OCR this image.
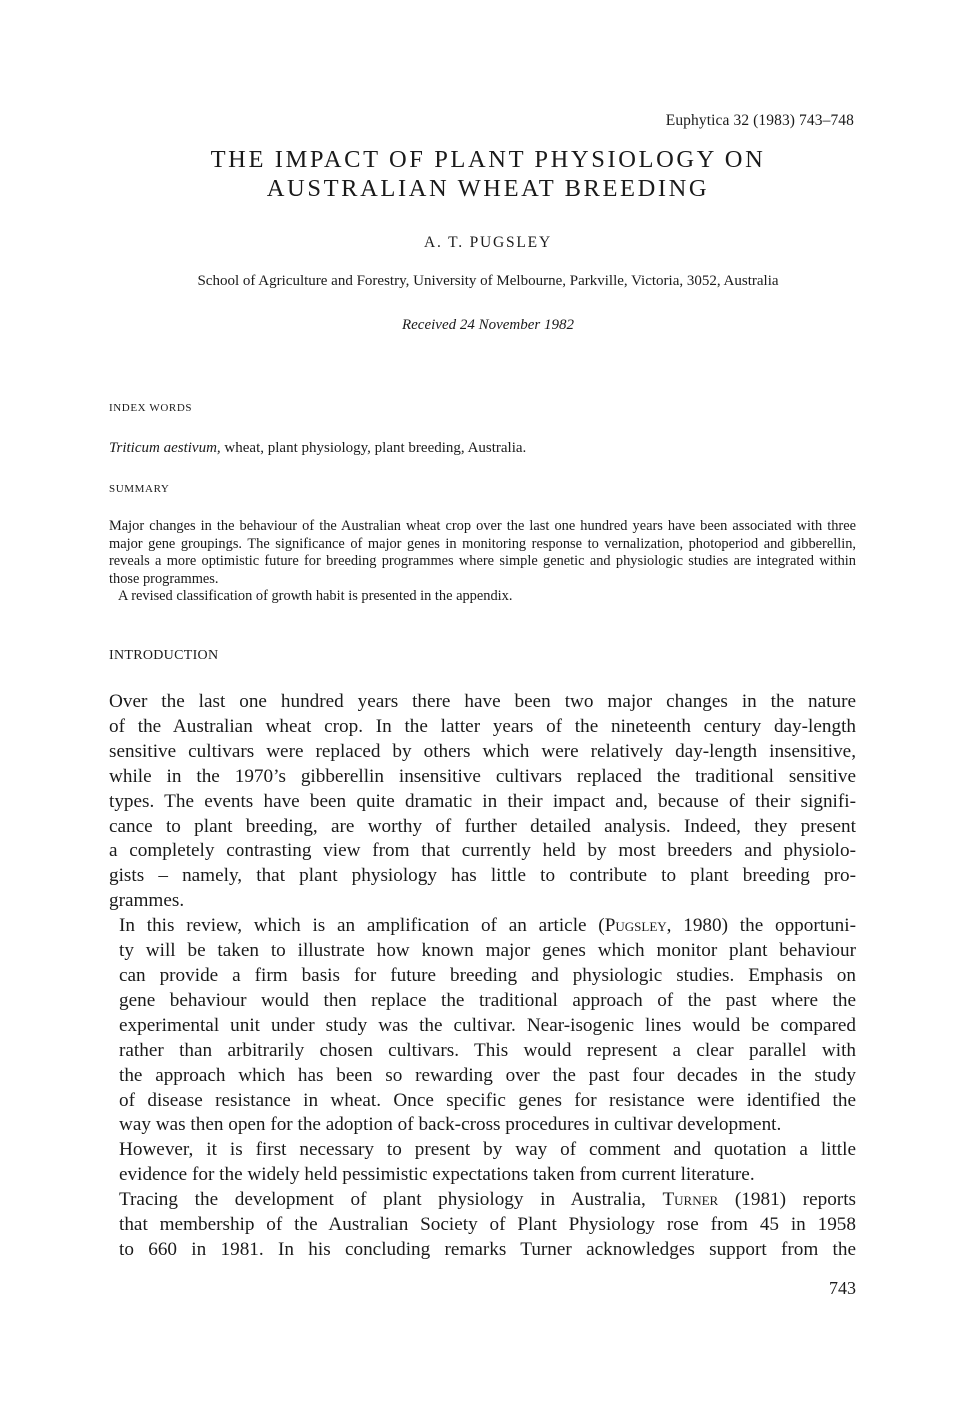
Euphytica 32 (1983) 743–748
THE IMPACT OF PLANT PHYSIOLOGY ON
AUSTRALIAN WHEAT BREEDING
A. T. PUGSLEY
School of Agriculture and Forestry, University of Melbourne, Parkville, Victoria, 3052, Australia
Received 24 November 1982
INDEX WORDS
Triticum aestivum, wheat, plant physiology, plant breeding, Australia.
SUMMARY

Major changes in the behaviour of the Australian wheat crop over the last one hundred years have been associated with three major gene groupings. The significance of major genes in monitoring response to vernalization, photoperiod and gibberellin, reveals a more optimistic future for breeding programmes where simple genetic and physiologic studies are integrated within those programmes.

A revised classification of growth habit is presented in the appendix.

INTRODUCTION

Over the last one hundred years there have been two major changes in the nature
of the Australian wheat crop. In the latter years of the nineteenth century day-length
sensitive cultivars were replaced by others which were relatively day-length insensitive,
while in the 1970’s gibberellin insensitive cultivars replaced the traditional sensitive
types. The events have been quite dramatic in their impact and, because of their signifi-
cance to plant breeding, are worthy of further detailed analysis. Indeed, they present
a completely contrasting view from that currently held by most breeders and physiolo-
gists – namely, that plant physiology has little to contribute to plant breeding pro-
grammes.

In this review, which is an amplification of an article (Pugsley, 1980) the opportuni-
ty will be taken to illustrate how known major genes which monitor plant behaviour
can provide a firm basis for future breeding and physiologic studies. Emphasis on
gene behaviour would then replace the traditional approach of the past where the
experimental unit under study was the cultivar. Near-isogenic lines would be compared
rather than arbitrarily chosen cultivars. This would represent a clear parallel with
the approach which has been so rewarding over the past four decades in the study
of disease resistance in wheat. Once specific genes for resistance were identified the
way was then open for the adoption of back-cross procedures in cultivar development.

However, it is first necessary to present by way of comment and quotation a little
evidence for the widely held pessimistic expectations taken from current literature.

Tracing the development of plant physiology in Australia, Turner (1981) reports
that membership of the Australian Society of Plant Physiology rose from 45 in 1958
to 660 in 1981. In his concluding remarks Turner acknowledges support from the

743
